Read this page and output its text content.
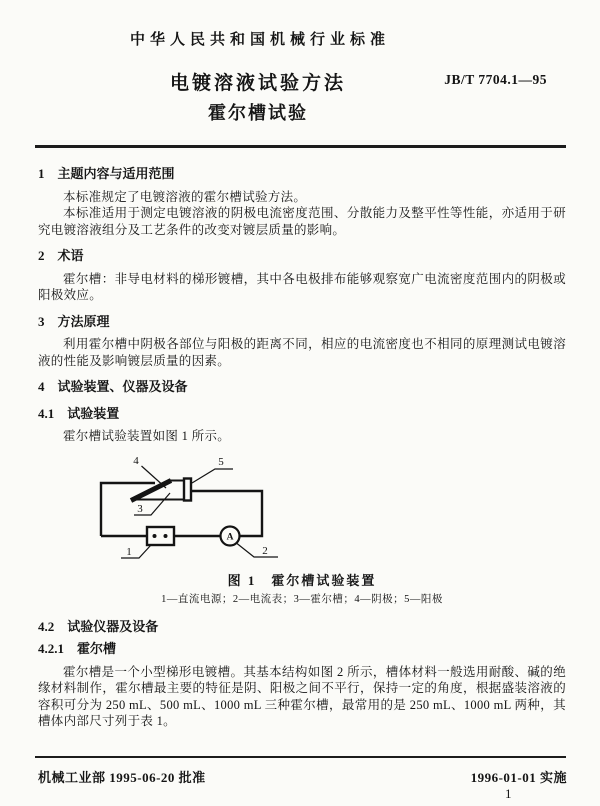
中华人民共和国机械行业标准
电镀溶液试验方法
霍尔槽试验
JB/T 7704.1—95
1　主题内容与适用范围

本标准规定了电镀溶液的霍尔槽试验方法。

本标准适用于测定电镀溶液的阴极电流密度范围、分散能力及整平性等性能，亦适用于研究电镀溶液组分及工艺条件的改变对镀层质量的影响。

2　术语

霍尔槽：非导电材料的梯形镀槽，其中各电极排布能够观察宽广电流密度范围内的阴极或阳极效应。

3　方法原理

利用霍尔槽中阴极各部位与阳极的距离不同，相应的电流密度也不相同的原理测试电镀溶液的性能及影响镀层质量的因素。

4　试验装置、仪器及设备
4.1　试验装置

霍尔槽试验装置如图 1 所示。

A
4	5
3
1	2

图 1　霍尔槽试验装置

1—直流电源；2—电流表；3—霍尔槽；4—阴极；5—阳极

4.2　试验仪器及设备
4.2.1　霍尔槽

霍尔槽是一个小型梯形电镀槽。其基本结构如图 2 所示，槽体材料一般选用耐酸、碱的绝缘材料制作，霍尔槽最主要的特征是阴、阳极之间不平行，保持一定的角度，根据盛装溶液的容积可分为 250 mL、500 mL、1000 mL 三种霍尔槽，最常用的是 250 mL、1000 mL 两种，其槽体内部尺寸列于表 1。

机械工业部 1995-06-20 批准	1996-01-01 实施
1
